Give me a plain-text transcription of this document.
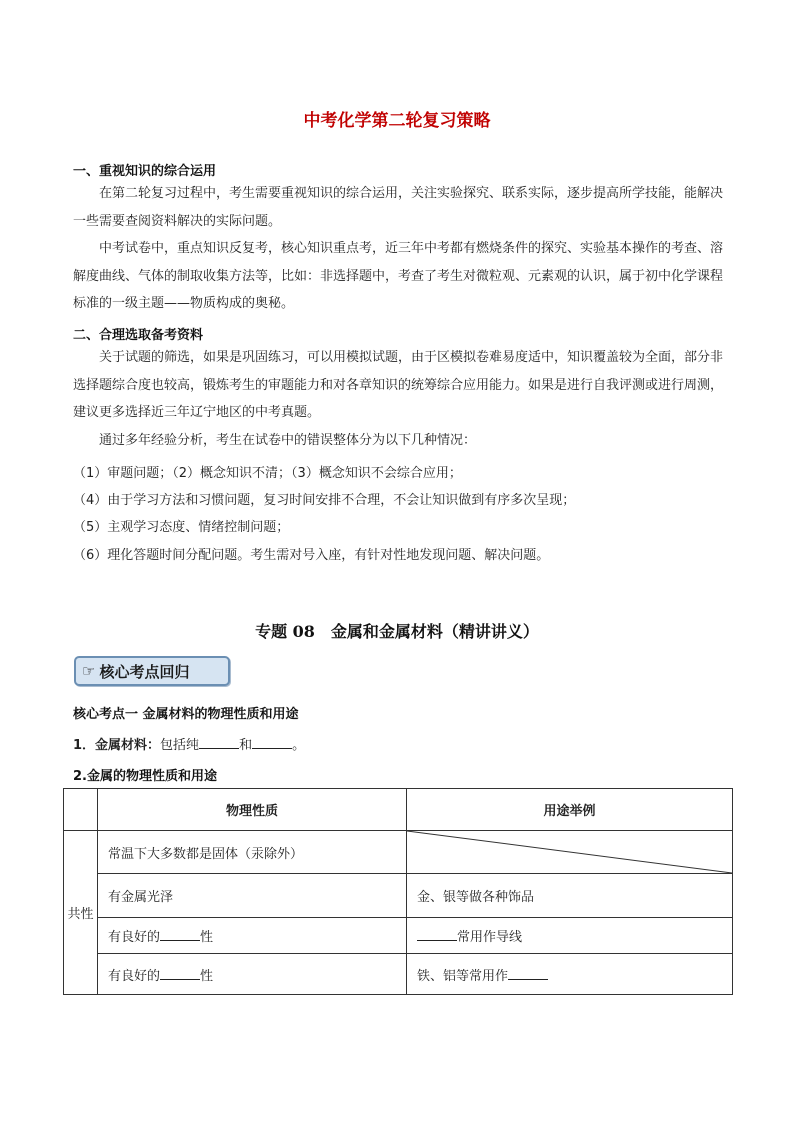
中考化学第二轮复习策略
一、重视知识的综合运用

在第二轮复习过程中，考生需要重视知识的综合运用，关注实验探究、联系实际，逐步提高所学技能，能解决一些需要查阅资料解决的实际问题。

中考试卷中，重点知识反复考，核心知识重点考，近三年中考都有燃烧条件的探究、实验基本操作的考查、溶解度曲线、气体的制取收集方法等，比如：非选择题中，考查了考生对微粒观、元素观的认识，属于初中化学课程标准的一级主题——物质构成的奥秘。

二、合理选取备考资料

关于试题的筛选，如果是巩固练习，可以用模拟试题，由于区模拟卷难易度适中，知识覆盖较为全面，部分非选择题综合度也较高，锻炼考生的审题能力和对各章知识的统筹综合应用能力。如果是进行自我评测或进行周测，建议更多选择近三年辽宁地区的中考真题。

通过多年经验分析，考生在试卷中的错误整体分为以下几种情况：

（1）审题问题；（2）概念知识不清；（3）概念知识不会综合应用；
（4）由于学习方法和习惯问题，复习时间安排不合理，不会让知识做到有序多次呈现；
（5）主观学习态度、情绪控制问题；
（6）理化答题时间分配问题。考生需对号入座，有针对性地发现问题、解决问题。
专题 08　金属和金属材料（精讲讲义）
☞ 核心考点回归
核心考点一 金属材料的物理性质和用途
1．金属材料：包括纯	和	。
2.金属的物理性质和用途
	物理性质	用途举例
共性	常温下大多数都是固体（汞除外）	

	有金属光泽	金、银等做各种饰品
	有良好的 性	常用作导线
	有良好的 性	铁、铝等常用作
